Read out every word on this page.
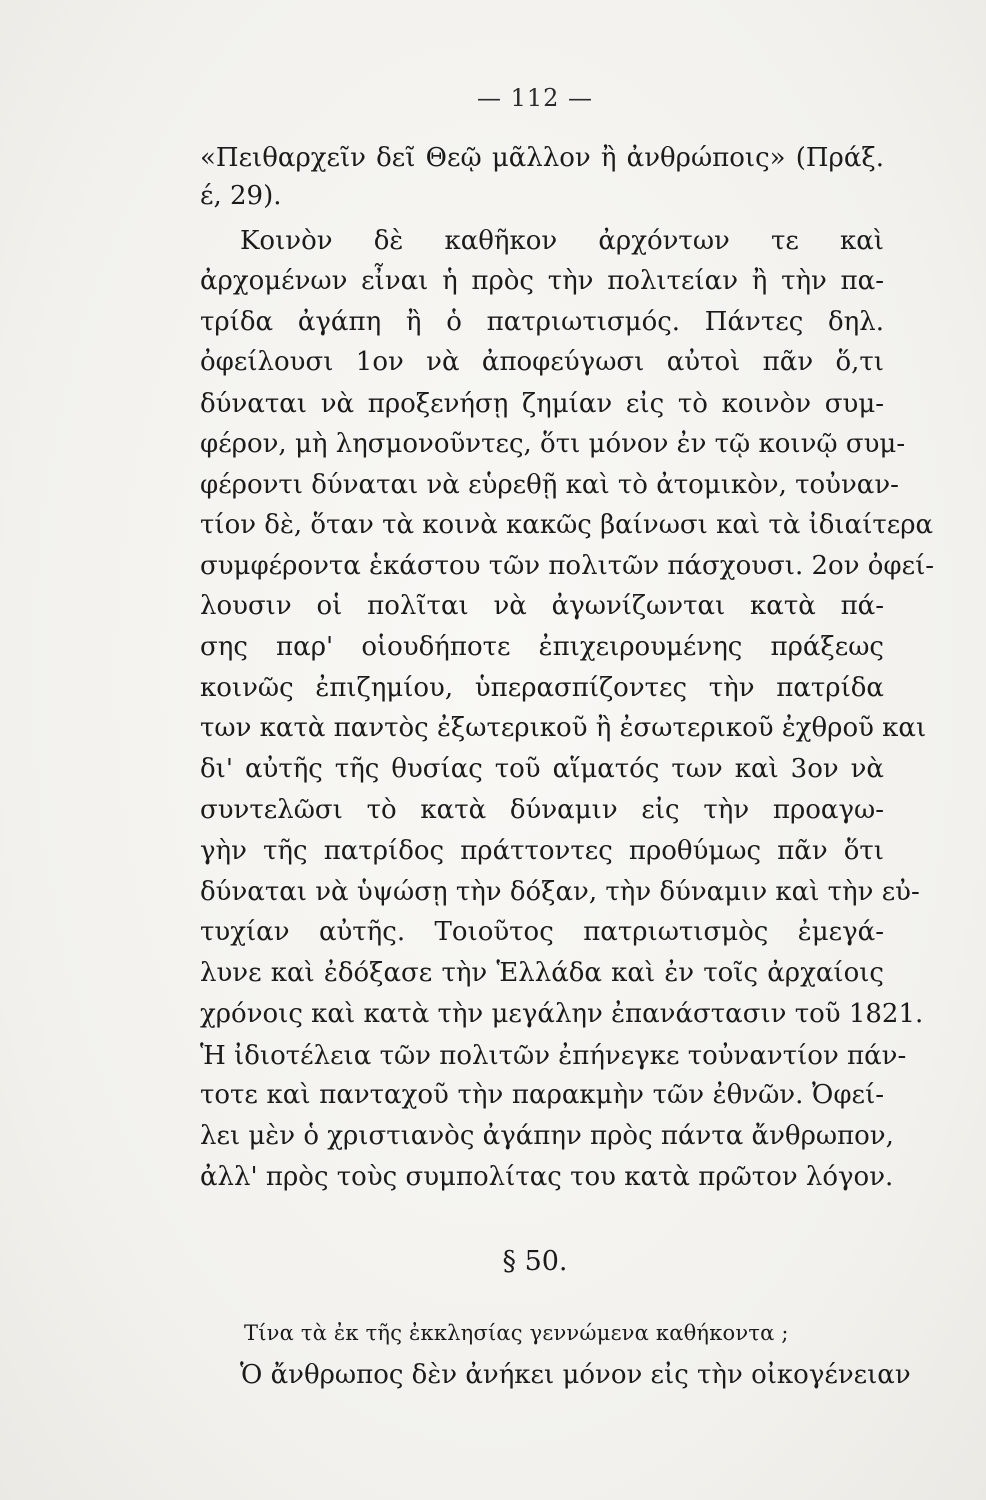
— 112 —
«Πειθαρχεῖν δεῖ Θεῷ μᾶλλον ἢ ἀνθρώποις» (Πράξ.
έ, 29).
Κοινὸν δὲ καθῆκον ἀρχόντων τε καὶ
ἀρχομένων εἶναι ἡ πρὸς τὴν πολιτείαν ἢ τὴν πα-
τρίδα ἀγάπη ἢ ὁ πατριωτισμός. Πάντες δηλ.
ὀφείλουσι 1ον νὰ ἀποφεύγωσι αὐτοὶ πᾶν ὅ,τι
δύναται νὰ προξενήσῃ ζημίαν εἰς τὸ κοινὸν συμ-
φέρον, μὴ λησμονοῦντες, ὅτι μόνον ἐν τῷ κοινῷ συμ-
φέροντι δύναται νὰ εὑρεθῇ καὶ τὸ ἀτομικὸν, τοὐναν-
τίον δὲ, ὅταν τὰ κοινὰ κακῶς βαίνωσι καὶ τὰ ἰδιαίτερα
συμφέροντα ἑκάστου τῶν πολιτῶν πάσχουσι. 2ον ὀφεί-
λουσιν οἱ πολῖται νὰ ἀγωνίζωνται κατὰ πά-
σης παρ' οἱουδήποτε ἐπιχειρουμένης πράξεως
κοινῶς ἐπιζημίου, ὑπερασπίζοντες τὴν πατρίδα
των κατὰ παντὸς ἐξωτερικοῦ ἢ ἐσωτερικοῦ ἐχθροῦ και
δι' αὐτῆς τῆς θυσίας τοῦ αἵματός των καὶ 3ον νὰ
συντελῶσι τὸ κατὰ δύναμιν εἰς τὴν προαγω-
γὴν τῆς πατρίδος πράττοντες προθύμως πᾶν ὅτι
δύναται νὰ ὑψώσῃ τὴν δόξαν, τὴν δύναμιν καὶ τὴν εὐ-
τυχίαν αὐτῆς. Τοιοῦτος πατριωτισμὸς ἐμεγά-
λυνε καὶ ἐδόξασε τὴν Ἑλλάδα καὶ ἐν τοῖς ἀρχαίοις
χρόνοις καὶ κατὰ τὴν μεγάλην ἐπανάστασιν τοῦ 1821.
Ἡ ἰδιοτέλεια τῶν πολιτῶν ἐπήνεγκε τοὐναντίον πάν-
τοτε καὶ πανταχοῦ τὴν παρακμὴν τῶν ἐθνῶν. Ὀφεί-
λει μὲν ὁ χριστιανὸς ἀγάπην πρὸς πάντα ἄνθρωπον,
ἀλλ' πρὸς τοὺς συμπολίτας του κατὰ πρῶτον λόγον.
§ 50.
Τίνα τὰ ἐκ τῆς ἐκκλησίας γεννώμενα καθήκοντα ;
Ὁ ἄνθρωπος δὲν ἀνήκει μόνον εἰς τὴν οἰκογένειαν
